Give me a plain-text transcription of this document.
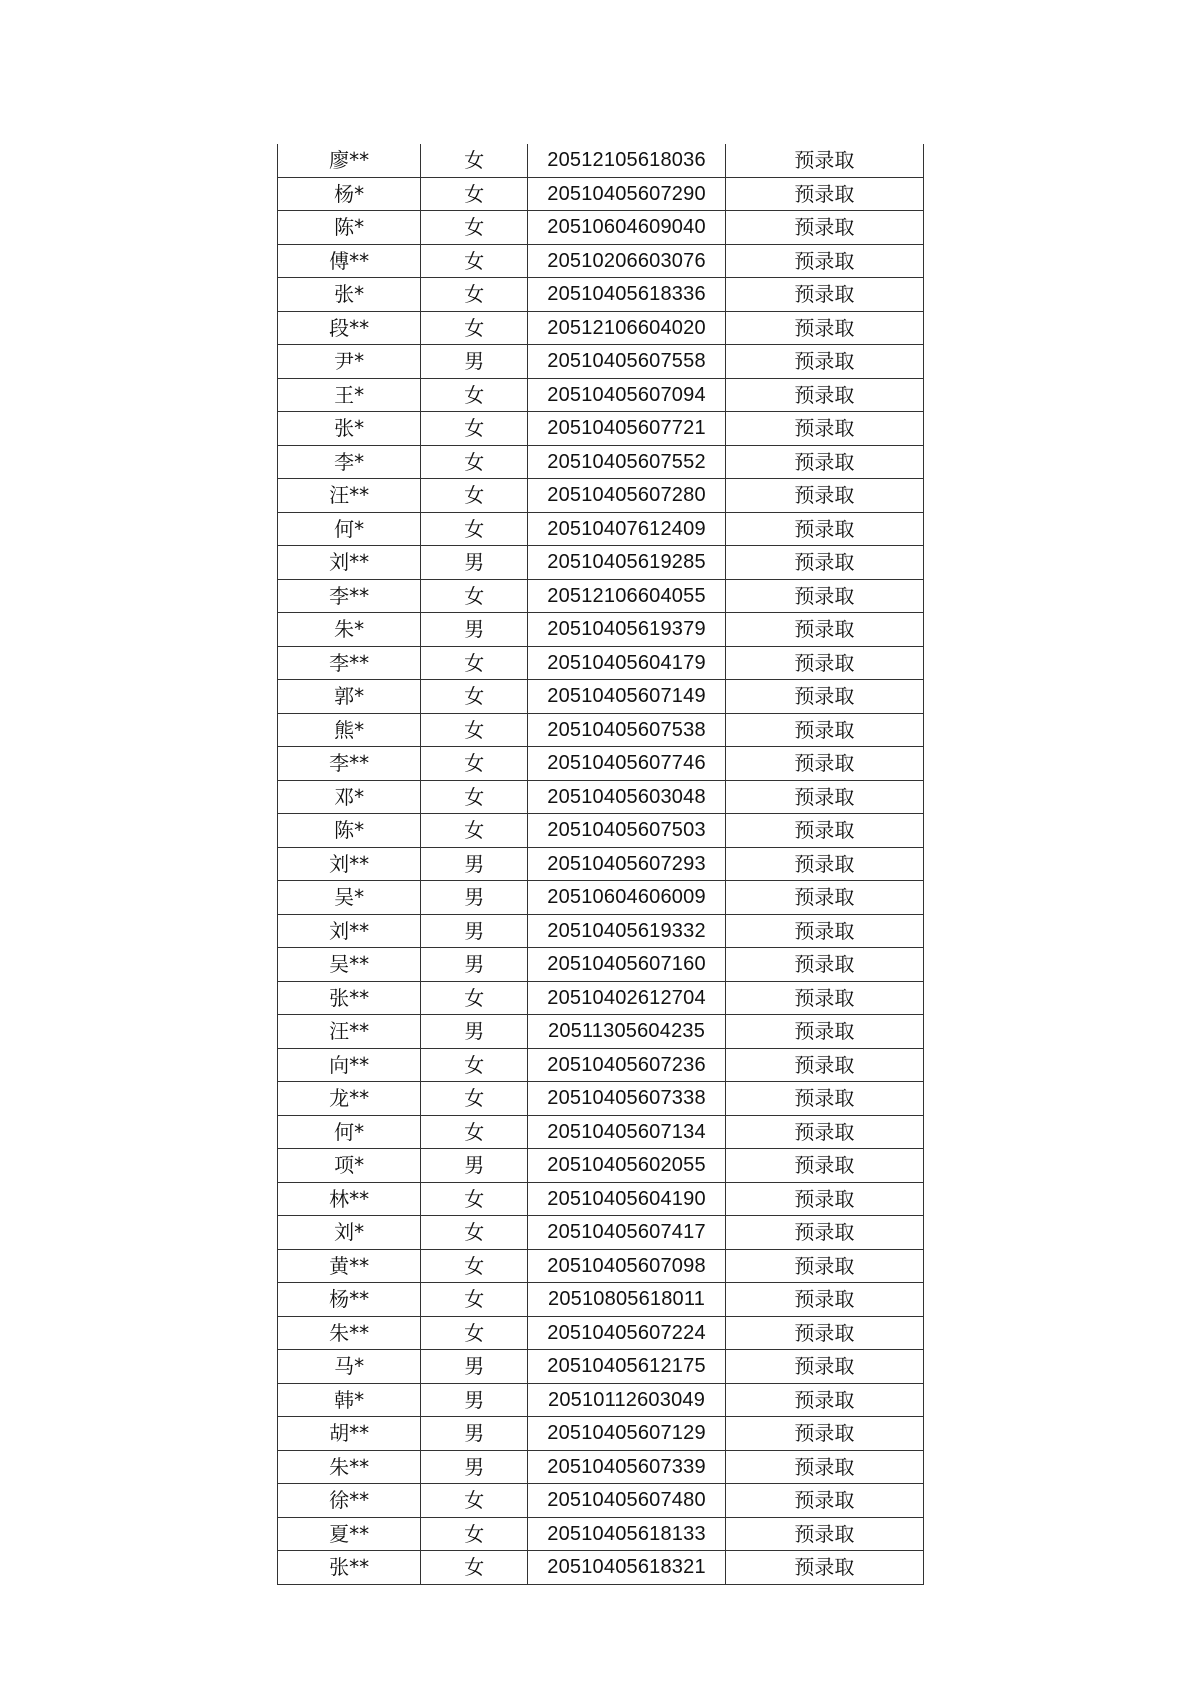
廖**	女	20512105618036	预录取
杨*	女	20510405607290	预录取
陈*	女	20510604609040	预录取
傅**	女	20510206603076	预录取
张*	女	20510405618336	预录取
段**	女	20512106604020	预录取
尹*	男	20510405607558	预录取
王*	女	20510405607094	预录取
张*	女	20510405607721	预录取
李*	女	20510405607552	预录取
汪**	女	20510405607280	预录取
何*	女	20510407612409	预录取
刘**	男	20510405619285	预录取
李**	女	20512106604055	预录取
朱*	男	20510405619379	预录取
李**	女	20510405604179	预录取
郭*	女	20510405607149	预录取
熊*	女	20510405607538	预录取
李**	女	20510405607746	预录取
邓*	女	20510405603048	预录取
陈*	女	20510405607503	预录取
刘**	男	20510405607293	预录取
吴*	男	20510604606009	预录取
刘**	男	20510405619332	预录取
吴**	男	20510405607160	预录取
张**	女	20510402612704	预录取
汪**	男	20511305604235	预录取
向**	女	20510405607236	预录取
龙**	女	20510405607338	预录取
何*	女	20510405607134	预录取
项*	男	20510405602055	预录取
林**	女	20510405604190	预录取
刘*	女	20510405607417	预录取
黄**	女	20510405607098	预录取
杨**	女	20510805618011	预录取
朱**	女	20510405607224	预录取
马*	男	20510405612175	预录取
韩*	男	20510112603049	预录取
胡**	男	20510405607129	预录取
朱**	男	20510405607339	预录取
徐**	女	20510405607480	预录取
夏**	女	20510405618133	预录取
张**	女	20510405618321	预录取
